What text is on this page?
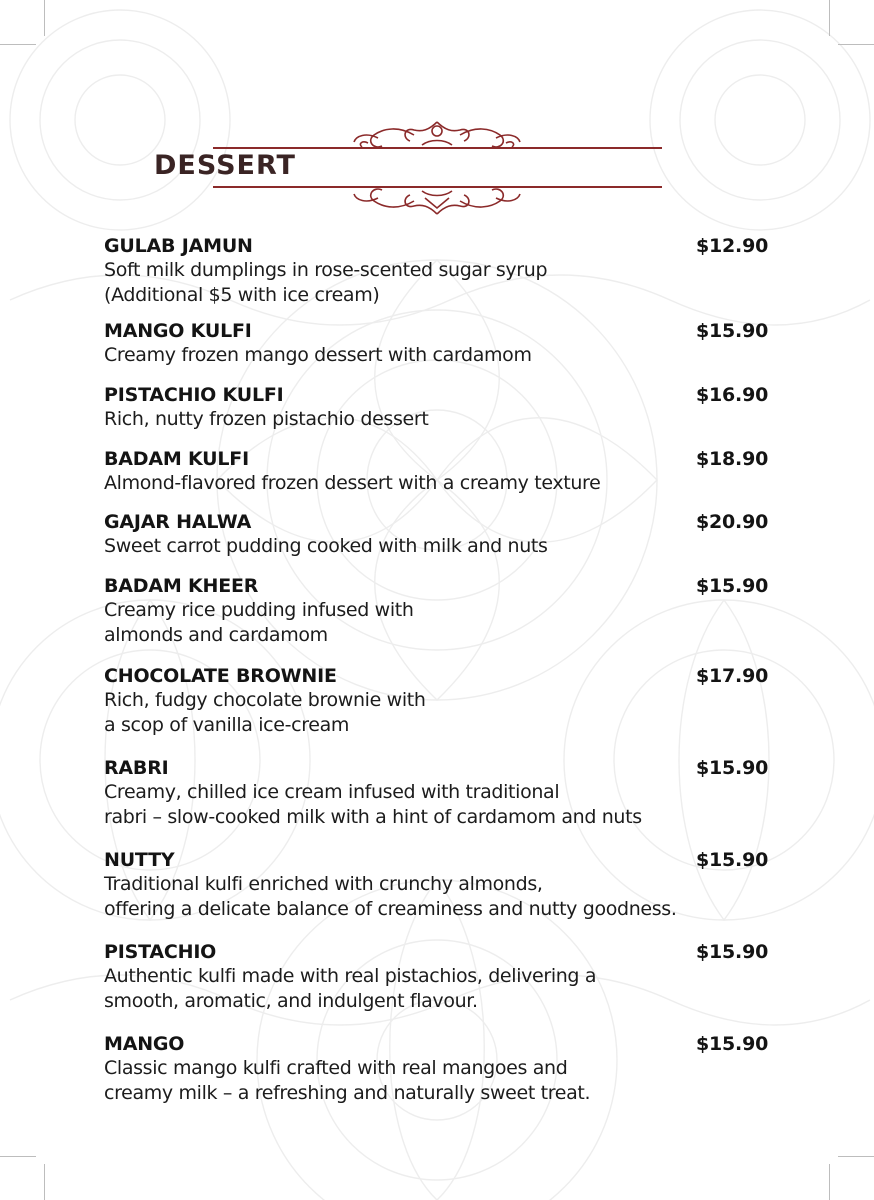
DESSERT
GULAB JAMUN	$12.90
Soft milk dumplings in rose-scented sugar syrup
(Additional $5 with ice cream)
MANGO KULFI	$15.90
Creamy frozen mango dessert with cardamom
PISTACHIO KULFI	$16.90
Rich, nutty frozen pistachio dessert
BADAM KULFI	$18.90
Almond-flavored frozen dessert with a creamy texture
GAJAR HALWA	$20.90
Sweet carrot pudding cooked with milk and nuts
BADAM KHEER	$15.90
Creamy rice pudding infused with
almonds and cardamom
CHOCOLATE BROWNIE	$17.90
Rich, fudgy chocolate brownie with
a scop of vanilla ice-cream
RABRI	$15.90
Creamy, chilled ice cream infused with traditional
rabri – slow-cooked milk with a hint of cardamom and nuts
NUTTY	$15.90
Traditional kulfi enriched with crunchy almonds,
offering a delicate balance of creaminess and nutty goodness.
PISTACHIO	$15.90
Authentic kulfi made with real pistachios, delivering a
smooth, aromatic, and indulgent flavour.
MANGO	$15.90
Classic mango kulfi crafted with real mangoes and
creamy milk – a refreshing and naturally sweet treat.
